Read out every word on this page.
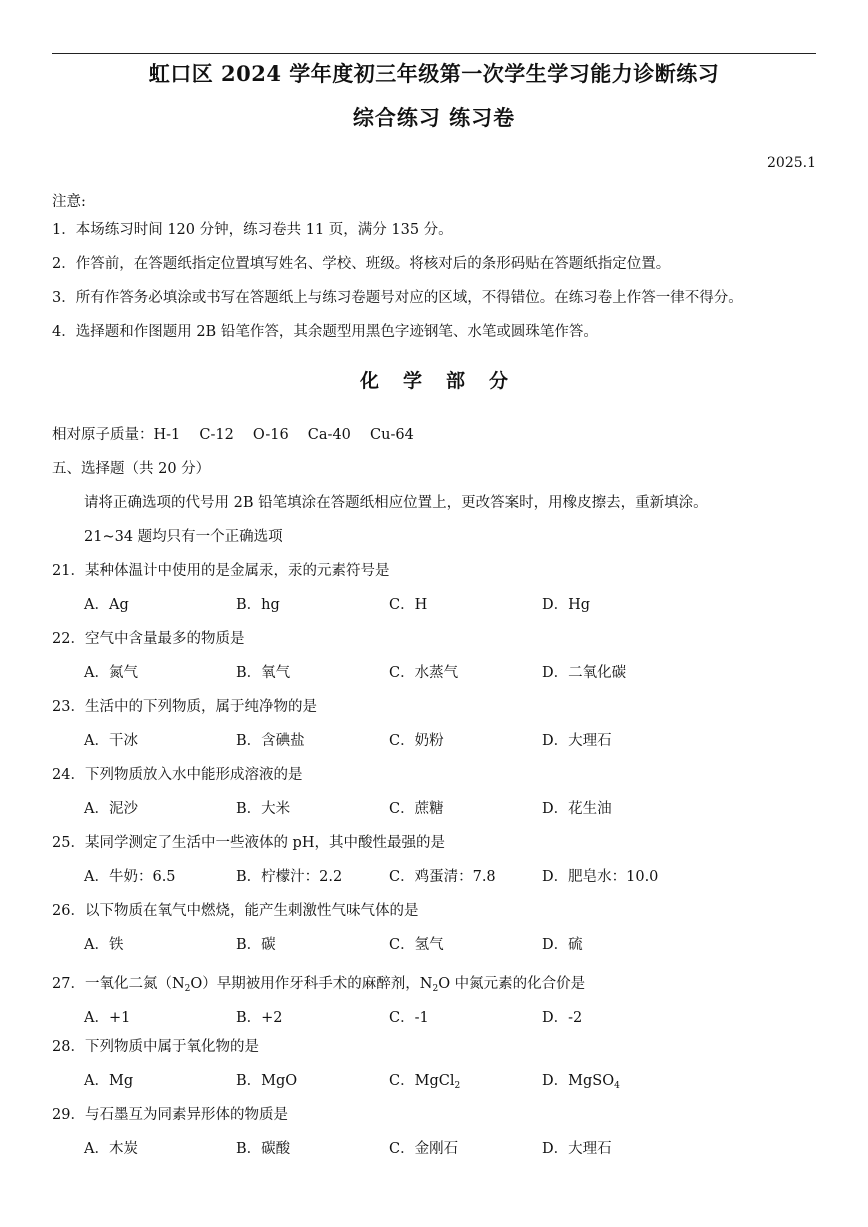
虹口区 2024 学年度初三年级第一次学生学习能力诊断练习
综合练习 练习卷
2025.1
注意:
1．本场练习时间 120 分钟，练习卷共 11 页，满分 135 分。
2．作答前，在答题纸指定位置填写姓名、学校、班级。将核对后的条形码贴在答题纸指定位置。
3．所有作答务必填涂或书写在答题纸上与练习卷题号对应的区域，不得错位。在练习卷上作答一律不得分。
4．选择题和作图题用 2B 铅笔作答，其余题型用黑色字迹钢笔、水笔或圆珠笔作答。
化 学 部 分
相对原子质量：H-1　 C-12　 O-16　 Ca-40　 Cu-64
五、选择题（共 20 分）
请将正确选项的代号用 2B 铅笔填涂在答题纸相应位置上，更改答案时，用橡皮擦去，重新填涂。
21~34 题均只有一个正确选项
21．某种体温计中使用的是金属汞，汞的元素符号是
A．Ag	B．hg	C．H	D．Hg
22．空气中含量最多的物质是
A．氮气	B．氧气	C．水蒸气	D．二氧化碳
23．生活中的下列物质，属于纯净物的是
A．干冰	B．含碘盐	C．奶粉	D．大理石
24．下列物质放入水中能形成溶液的是
A．泥沙	B．大米	C．蔗糖	D．花生油
25．某同学测定了生活中一些液体的 pH，其中酸性最强的是
A．牛奶：6.5	B．柠檬汁：2.2	C．鸡蛋清：7.8	D．肥皂水：10.0
26．以下物质在氧气中燃烧，能产生刺激性气味气体的是
A．铁	B．碳	C．氢气	D．硫
27．一氧化二氮$(N_2O)$早期被用作牙科手术的麻醉剂，$N_2O$ 中氮元素的化合价是
A．+1	B．+2	C．-1	D．-2
28．下列物质中属于氧化物的是
A．Mg	B．MgO	C．MgCl$_2$	D．MgSO$_4$
29．与石墨互为同素异形体的物质是
A．木炭	B．碳酸	C．金刚石	D．大理石
